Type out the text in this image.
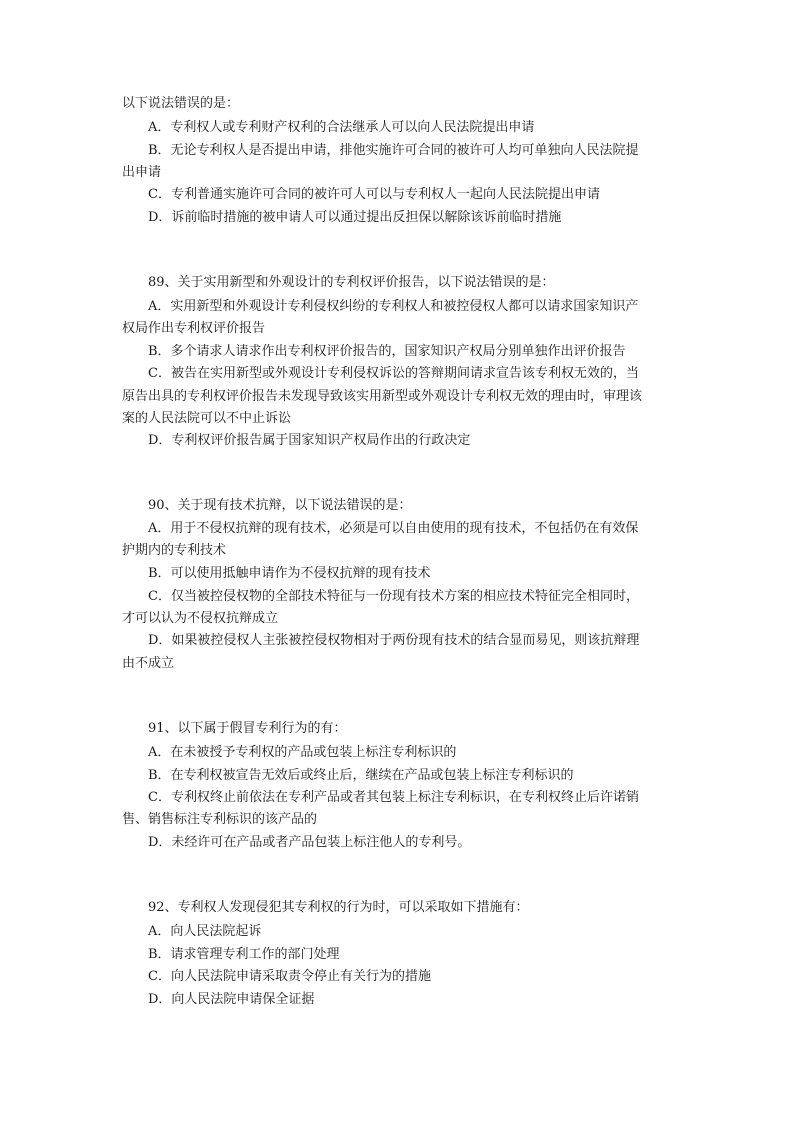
以下说法错误的是：
A．专利权人或专利财产权利的合法继承人可以向人民法院提出申请
B．无论专利权人是否提出申请，排他实施许可合同的被许可人均可单独向人民法院提
出申请
C．专利普通实施许可合同的被许可人可以与专利权人一起向人民法院提出申请
D．诉前临时措施的被申请人可以通过提出反担保以解除该诉前临时措施
89、关于实用新型和外观设计的专利权评价报告，以下说法错误的是：
A．实用新型和外观设计专利侵权纠纷的专利权人和被控侵权人都可以请求国家知识产
权局作出专利权评价报告
B．多个请求人请求作出专利权评价报告的，国家知识产权局分别单独作出评价报告
C．被告在实用新型或外观设计专利侵权诉讼的答辩期间请求宣告该专利权无效的，当
原告出具的专利权评价报告未发现导致该实用新型或外观设计专利权无效的理由时，审理该
案的人民法院可以不中止诉讼
D．专利权评价报告属于国家知识产权局作出的行政决定
90、关于现有技术抗辩，以下说法错误的是：
A．用于不侵权抗辩的现有技术，必须是可以自由使用的现有技术，不包括仍在有效保
护期内的专利技术
B．可以使用抵触申请作为不侵权抗辩的现有技术
C．仅当被控侵权物的全部技术特征与一份现有技术方案的相应技术特征完全相同时，
才可以认为不侵权抗辩成立
D．如果被控侵权人主张被控侵权物相对于两份现有技术的结合显而易见，则该抗辩理
由不成立
91、以下属于假冒专利行为的有：
A．在未被授予专利权的产品或包装上标注专利标识的
B．在专利权被宣告无效后或终止后，继续在产品或包装上标注专利标识的
C．专利权终止前依法在专利产品或者其包装上标注专利标识，在专利权终止后许诺销
售、销售标注专利标识的该产品的
D．未经许可在产品或者产品包装上标注他人的专利号。
92、专利权人发现侵犯其专利权的行为时，可以采取如下措施有：
A．向人民法院起诉
B．请求管理专利工作的部门处理
C．向人民法院申请采取责令停止有关行为的措施
D．向人民法院申请保全证据
